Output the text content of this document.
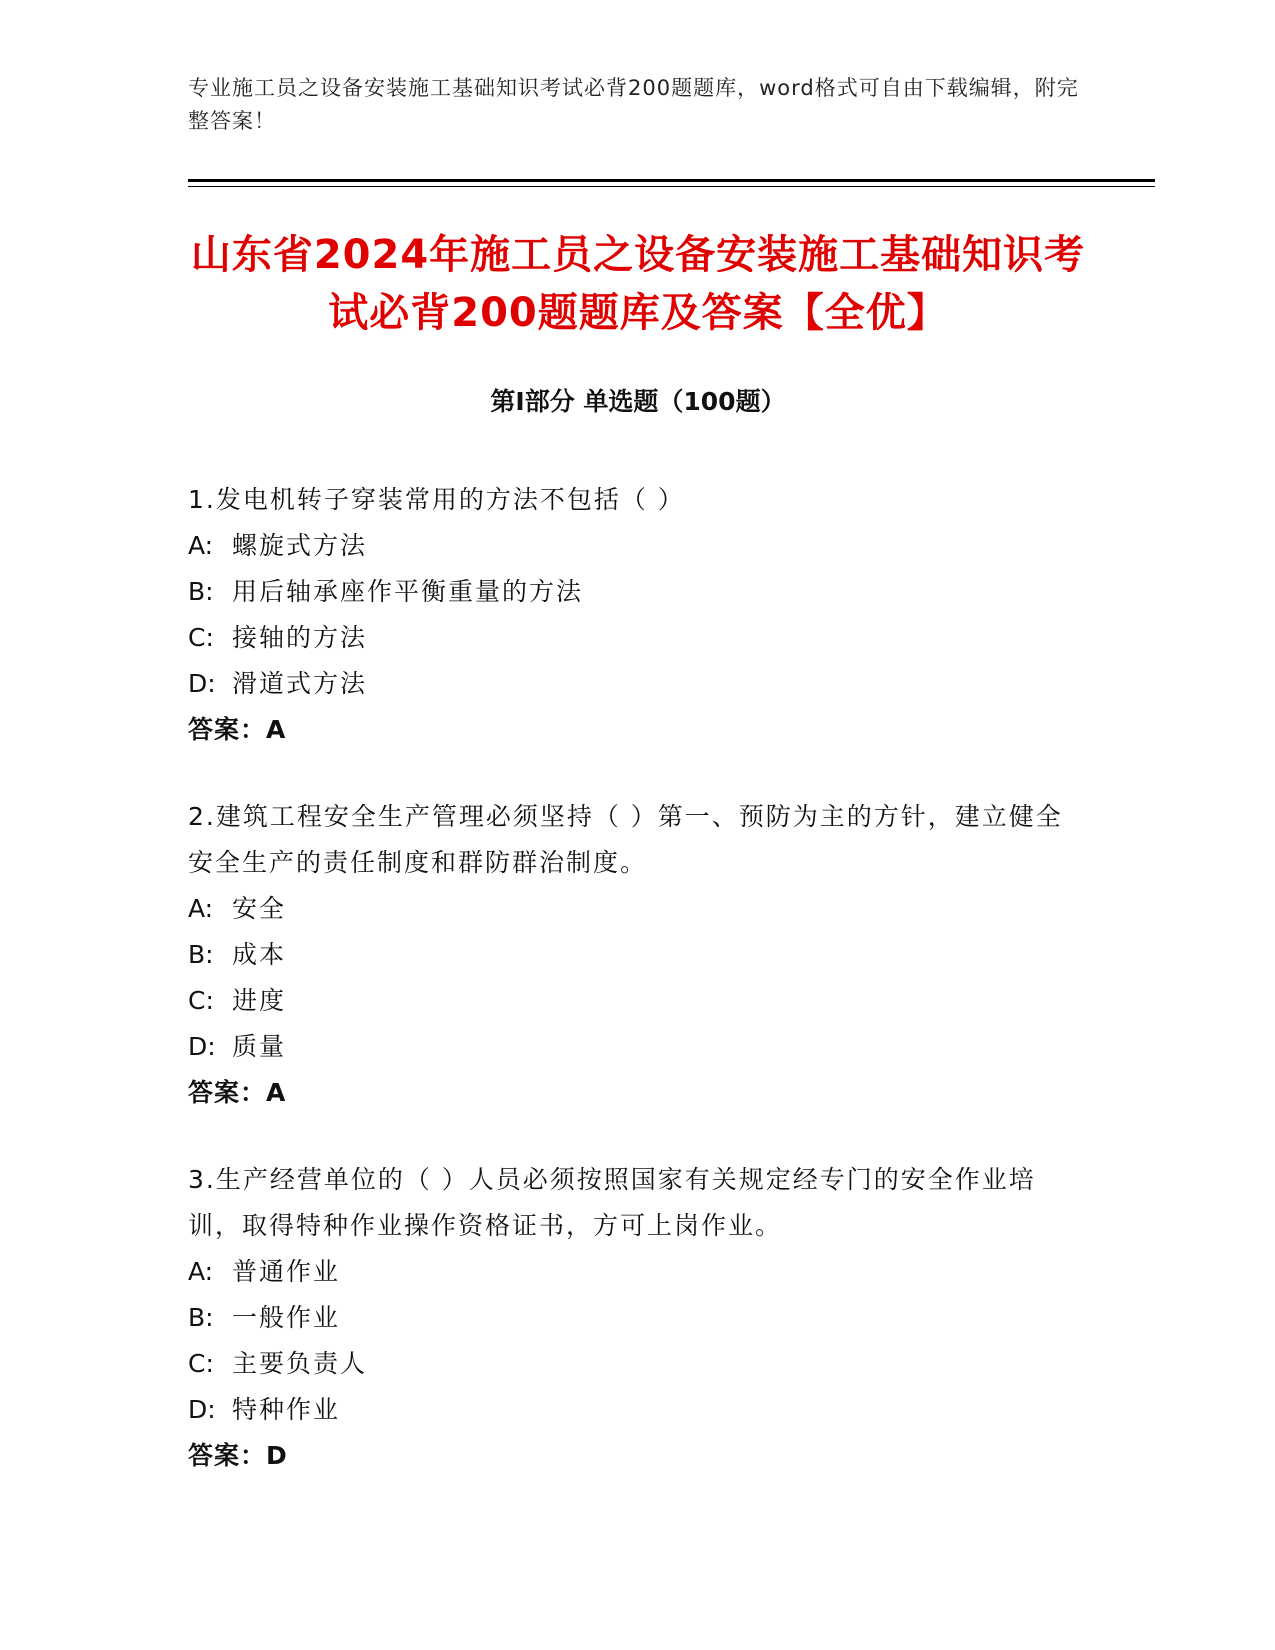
专业施工员之设备安装施工基础知识考试必背200题题库，word格式可自由下载编辑，附完整答案！
山东省2024年施工员之设备安装施工基础知识考试必背200题题库及答案【全优】
第I部分 单选题（100题）
1.发电机转子穿装常用的方法不包括（ ）
A: 螺旋式方法
B: 用后轴承座作平衡重量的方法
C: 接轴的方法
D: 滑道式方法
答案：A
2.建筑工程安全生产管理必须坚持（ ）第一、预防为主的方针，建立健全安全生产的责任制度和群防群治制度。
A: 安全
B: 成本
C: 进度
D: 质量
答案：A
3.生产经营单位的（ ）人员必须按照国家有关规定经专门的安全作业培训，取得特种作业操作资格证书，方可上岗作业。
A: 普通作业
B: 一般作业
C: 主要负责人
D: 特种作业
答案：D
